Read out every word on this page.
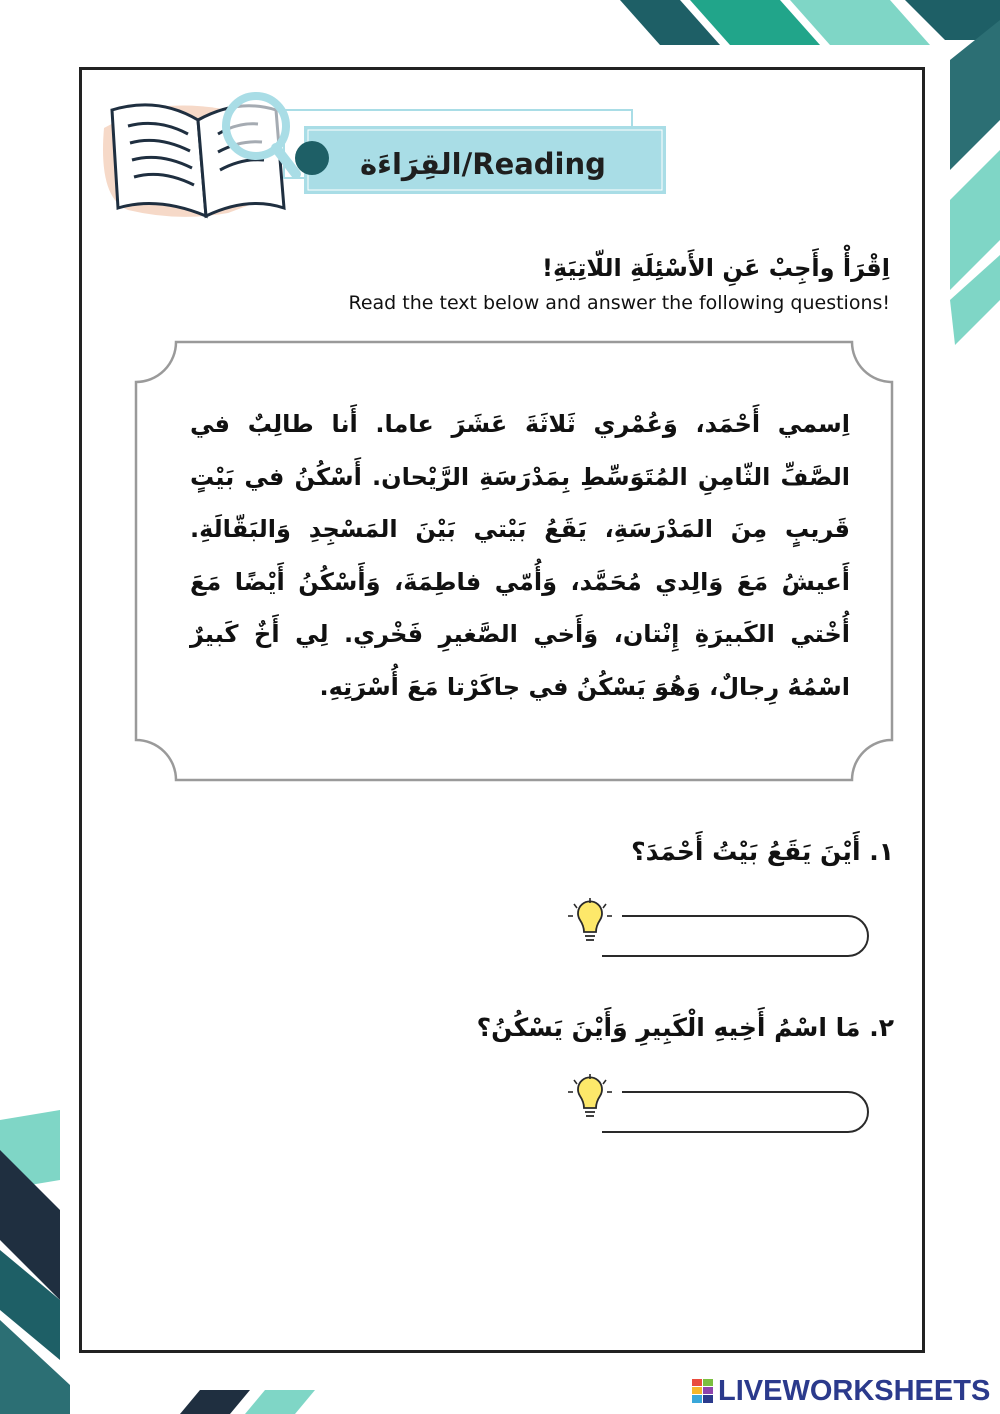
القِرَاءَة/Reading
اِقْرَأْ وأَجِبْ عَنِ الأَسْئِلَةِ اللّاتِيَةِ!
Read the text below and answer the following questions!
اِسمي أَحْمَد، وَعُمْري ثَلاثَةَ عَشَرَ عاما. أَنا طالِبٌ في الصَّفِّ الثّامِنِ المُتَوَسِّطِ بِمَدْرَسَةِ الرَّيْحان. أَسْكُنُ في بَيْتٍ قَريبٍ مِنَ المَدْرَسَةِ، يَقَعُ بَيْتي بَيْنَ المَسْجِدِ وَالبَقّالَةِ. أَعيشُ مَعَ وَالِدي مُحَمَّد، وَأُمّي فاطِمَةَ، وَأَسْكُنُ أَيْضًا مَعَ أُخْتي الكَبيرَةِ إِنْتان، وَأَخي الصَّغيرِ فَخْري. لِي أَخٌ كَبيرٌ اسْمُهُ رِجالٌ، وَهُوَ يَسْكُنُ في جاكَرْتا مَعَ أُسْرَتِهِ.
١. أَيْنَ يَقَعُ بَيْتُ أَحْمَدَ؟
٢. مَا اسْمُ أَخِيهِ الْكَبِيرِ وَأَيْنَ يَسْكُنُ؟
LIVEWORKSHEETS
